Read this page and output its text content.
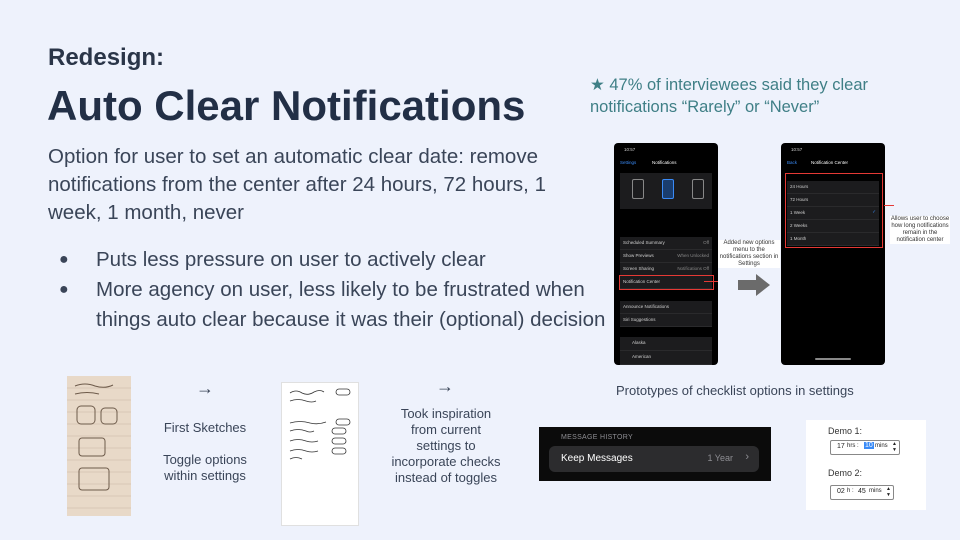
Redesign:
Auto Clear Notifications
Option for user to set an automatic clear date: remove notifications from the center after 24 hours, 72 hours, 1 week, 1 month, never
● Puts less pressure on user to actively clear
● More agency on user, less likely to be frustrated when things auto clear because it was their (optional) decision
★ 47% of interviewees said they clear notifications “Rarely” or “Never”
10:57
Settings	Notifications
Scheduled Summary	Off
Show Previews	When Unlocked
Screen Sharing	Notifications Off
Notification Center
Announce Notifications
Siri Suggestions
Alaska
American
Added new options menu to the notifications section in Settings
10:57
Back	Notification Center
24 Hours
72 Hours
1 Week	✓
2 Weeks
1 Month
Allows user to choose how long notifications remain in the notification center
Prototypes of checklist options in settings
→
First Sketches
Toggle options within settings
→
Took inspiration from current settings to incorporate checks instead of toggles
MESSAGE HISTORY
Keep Messages	1 Year ›
Demo 1:
17 hrs : 10 mins ▲
▼
Demo 2:
02 h : 45 mins ▲
▼
